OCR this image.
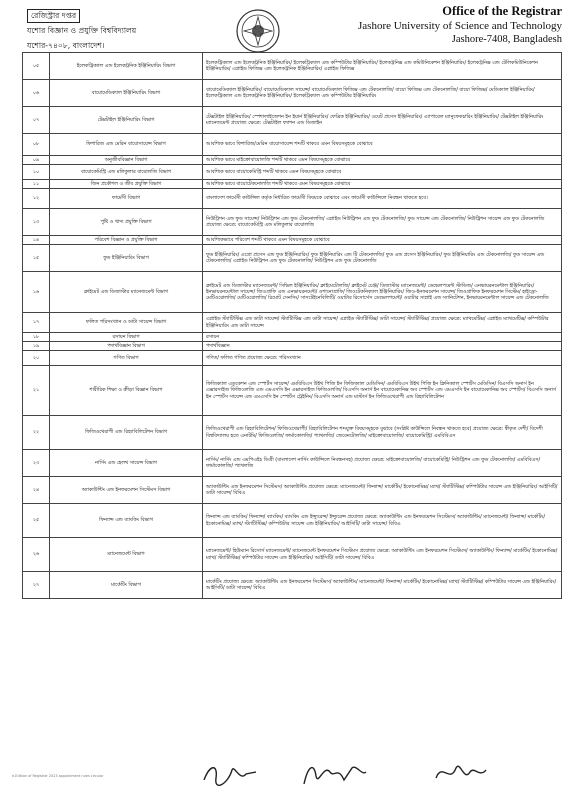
রেজিস্ট্রার দপ্তর
যশোর বিজ্ঞান ও প্রযুক্তি বিশ্ববিদ্যালয়
যশোর-৭৪০৮, বাংলাদেশ।
Office of the Registrar
Jashore University of Science and Technology
Jashore-7408, Bangladesh
০৫	ইলেকট্রিক্যাল এন্ড ইলেকট্রনিক ইঞ্জিনিয়ারিং বিভাগ	ইলেকট্রিক্যাল এন্ড ইলেকট্রনিক ইঞ্জিনিয়ারিং/ ইলেকট্রিক্যাল এন্ড কম্পিউটার ইঞ্জিনিয়ারিং/ ইলেকট্রনিক্স এন্ড কমিউনিকেশন ইঞ্জিনিয়ারিং/ ইলেকট্রনিক্স এন্ড টেলিকমিউনিকেশন ইঞ্জিনিয়ারিং/ এপ্লাইড ফিজিক্স এন্ড ইলেকট্রনিক ইঞ্জিনিয়ারিং/ এপ্লাইড ফিজিক্স
০৬	বায়োমেডিক্যাল ইঞ্জিনিয়ারিং বিভাগ	বায়োমেডিক্যাল ইঞ্জিনিয়ারিং/ বায়োমেডিক্যাল সায়েন্স/ বায়োমেডিক্যাল ফিজিক্স এন্ড টেকনোলজি/ বায়ো ফিজিক্স এন্ড টেকনোলজি/ বায়ো ফিজিক্স/ মেডিক্যাল ইঞ্জিনিয়ারিং/ ইলেকট্রিক্যাল এন্ড ইলেকট্রনিক ইঞ্জিনিয়ারিং/ ইলেকট্রিক্যাল এন্ড কম্পিউটার ইঞ্জিনিয়ারিং
০৭	টেক্সটাইল ইঞ্জিনিয়ারিং বিভাগ	টেক্সটাইল ইঞ্জিনিয়ারিং/ স্পেশালাইজেশন ইন ইয়ার্ন ইঞ্জিনিয়ারিং/ ফেব্রিক ইঞ্জিনিয়ারিং/ ওয়েট প্রসেস ইঞ্জিনিয়ারিং/ এ্যাপারেল ম্যানুফেকচারিং ইঞ্জিনিয়ারিং/ টেক্সটাইল ইঞ্জিনিয়ারিং ম্যানেজমেন্ট প্রযোজ্য ক্ষেত্রে: টেক্সটাইল ফ্যাশন এন্ড ডিজাইন
০৮	ফিশারিজ এন্ড মেরিন বায়োসায়েন্স বিভাগ	আবশ্যিক ভাবে ফিশারিজ/মেরিন বায়োসায়েন্স শব্দটি থাকবে এমন বিষয়সমূহকে বোঝাবে
০৯	অনুজীববিজ্ঞান বিভাগ	আবশ্যিক ভাবে মাইক্রোবায়োলজি শব্দটি থাকবে এমন বিষয়সমূহকে বোঝাবে
১০	বায়োকেমিস্ট্রি এন্ড মলিকুলার বায়োলজি বিভাগ	আবশ্যিক ভাবে বায়োকেমিস্ট্রি শব্দটি থাকবে এমন বিষয়সমূহকে বোঝাবে
১১	জিন প্রকৌশল ও জীব প্রযুক্তি বিভাগ	আবশ্যিক ভাবে বায়োটেকনোলজি শব্দটি থাকবে এমন বিষয়সমূহকে বোঝাবে
১২	ফার্মেসী বিভাগ	বাংলাদেশ ফার্মেসী কাউন্সিল কর্তৃক নির্ধারিত ফার্মেসী বিষয়কে বোঝাবে এবং ফার্মেসী কাউন্সিলে নিবন্ধন থাকতে হবে।
১৩	পুষ্টি ও খাদ্য প্রযুক্তি বিভাগ	নিউট্রিশন এন্ড ফুড সায়েন্স/ নিউট্রিশন এন্ড ফুড টেকনোলজি/ এপ্লাইড নিউট্রিশন এন্ড ফুড টেকনোলজি/ ফুড সায়েন্স এন্ড টেকনোলজি/ নিউট্রিশন সায়েন্স এন্ড ফুড টেকনোলজি প্রযোজ্য ক্ষেত্রে: বায়োকেমিস্ট্রি এন্ড মলিকুলার বায়োলজি
১৪	পরিবেশ বিজ্ঞান ও প্রযুক্তি বিভাগ	আবশ্যিকভাবে পরিবেশ শব্দটি থাকবে এমন বিষয়সমূহকে বোঝাবে
১৫	ফুড ইঞ্জিনিয়ারিং বিভাগ	ফুড ইঞ্জিনিয়ারিং/ এগ্রো প্রসেস এন্ড ফুড ইঞ্জিনিয়ারিং/ ফুড ইঞ্জিনিয়ারিং এন্ড টি টেকনোলজি/ ফুড এন্ড প্রসেস ইঞ্জিনিয়ারিং/ ফুড ইঞ্জিনিয়ারিং এন্ড টেকনোলজি/ ফুড সায়েন্স এন্ড টেকনোলজি/ এপ্লাইড নিউট্রিশন এন্ড ফুড টেকনোলজি/ নিউট্রিশন এন্ড ফুড টেকনোলজি
১৬	ক্লাইমেট এন্ড ডিজাস্টার ম্যানেজমেন্ট বিভাগ	ক্লাইমেট এন্ড ডিজাস্টার ম্যানেজমেন্ট/ সিভিল ইঞ্জিনিয়ারিং/ ক্লাইমেটোলজি/ ক্লাইমেট চেঞ্জ/ ডিজাস্টার ম্যানেজমেন্ট/ ডেভেলপমেন্ট স্টাডিজ/ এনভায়রনমেন্টাল ইঞ্জিনিয়ারিং/ ইনভায়রনমেন্টাল সায়েন্স/ জিওগ্রাফি এন্ড এনভায়রনমেন্ট/ ওশানোগ্রাফি/ জিওটেকনিক্যাল ইঞ্জিনিয়ারিং/ জিও-ইনফরমেশন সায়েন্স/ জিওগ্রাফিক ইনফরমেশন সিস্টেম/ হাইড্রো-মেটিওরোলজি/ মেটিওরোলজি/ রিমোট সেনসিং/ সাসটেইনেবিলিটি/ ওয়াটার রিসোর্সেস ডেভেলপমেন্ট/ ওয়াটার সাপ্লাই এন্ড স্যানিটেশন, ইনভায়রনমেন্টাল সায়েন্স এন্ড টেকনোলজি
১৭	ফলিত পরিসংখ্যান ও ডাটা সায়েন্স বিভাগ	এপ্লাইড স্ট্যাটিস্টিক্স এন্ড ডাটা সায়েন্স/ স্ট্যাটিস্টিক্স এন্ড ডাটা সায়েন্স/ এপ্লাইড স্ট্যাটিস্টিক্স/ ডাটা সায়েন্স/ স্ট্যাটিস্টিক্স/ প্রযোজ্য ক্ষেত্রে: ম্যাথমেটিক্স/ এপ্লাইড ম্যাথমেটিক্স/ কম্পিউটার ইঞ্জিনিয়ারিং এন্ড ডাটা সায়েন্স
১৮	রসায়ন বিভাগ	রসায়ন
১৯	পদার্থবিজ্ঞান বিভাগ	পদার্থবিজ্ঞান
২০	গণিত বিভাগ	গণিত/ ফলিত গণিত প্রযোজ্য ক্ষেত্রে: পরিসংখ্যান
২১	শারীরিক শিক্ষা ও ক্রীড়া বিজ্ঞান বিভাগ	ফিজিক্যাল এডুকেশন এন্ড স্পোর্টস সায়েন্স/ এমবিবিএস উইথ পিজি ইন ফিজিক্যাল মেডিসিন/ এমবিবিএস উইথ পিজি ইন ক্লিনিক্যাল স্পোর্টস মেডিসিন/ বিএসসি অনার্স ইন এক্সারসাইজ ফিজিওলজি এন্ড এমএসসি ইন এক্সারসাইজ ফিজিওলজি/ বিএসসি অনার্স ইন বায়োমেকানিক্স অব স্পোর্টস এন্ড এমএসসি ইন বায়োমেকানিক্স অব স্পোর্টস/ বিএসসি অনার্স ইন স্পোর্টস সায়েন্স এন্ড এমএসসি ইন স্পোর্টস ট্রেইনিং/ বিএসসি অনার্স এন্ড মাস্টার্স ইন ফিজিওথেরাপী এন্ড রিহ্যাবিলিটেশন
২২	ফিজিওথেরাপী এন্ড রিহ্যাবিলিটেশন বিভাগ	ফিজিওথেরাপী এন্ড রিহ্যাবিলিটেশন/ ফিজিওথেরাপী/ রিহ্যাবিলিটেশন শব্দযুক্ত বিষয়সমূহকে বুঝাবে (সংশ্লিষ্ট কাউন্সিলে নিবন্ধন থাকতে হবে) প্রযোজ্য ক্ষেত্রে: স্বীকৃত দেশী/ বিদেশী বিশ্ববিদ্যালয় হতে এনাটমি/ ফিজিওলজি/ ফার্মাকোলজি/ প্যাথলজি/ জেরেনটোলজি/ মাইক্রোবায়োলজি/ বায়োকেমিস্ট্রি/ এমবিবিএস
২৩	নার্সিং এন্ড হেলথ সায়েন্স বিভাগ	নার্সিং/ নার্সিং এন্ড এমপিএইচ ডিগ্রী (বাংলাদেশ নার্সিং কাউন্সিলে নিবন্ধনসহ) প্রযোজ্য ক্ষেত্রে: মাইক্রোবায়োলজি/ বায়োকেমিস্ট্রি/ নিউট্রিশন এন্ড ফুড টেকনোলজি/ এমবিবিএস/ ফার্মাকোলজি/ প্যাথলজি
২৪	অ্যাকাউন্টিং এন্ড ইনফরমেশন সিস্টেমস বিভাগ	অ্যাকাউন্টিং এন্ড ইনফরমেশন সিস্টেমস/ অ্যাকাউন্টিং প্রযোজ্য ক্ষেত্রে: ম্যানেজমেন্ট/ ফিন্যান্স/ মার্কেটিং/ ইকোনোমিক্স/ ম্যাথ/ স্ট্যাটিস্টিক্স/ কম্পিউটার সায়েন্স এন্ড ইঞ্জিনিয়ারিং/ আইসিটি/ ডাটা সায়েন্স/ বিবিএ
২৫	ফিন্যান্স এন্ড ব্যাংকিং বিভাগ	ফিন্যান্স এন্ড ব্যাংকিং/ ফিন্যান্স/ ব্যাংকিং/ ব্যাংকিং এন্ড ইন্স্যুরেন্স/ ইন্স্যুরেন্স প্রযোজ্য ক্ষেত্রে: অ্যাকাউন্টিং এন্ড ইনফরমেশন সিস্টেমস/ অ্যাকাউন্টিং/ ম্যানেজমেন্ট/ ফিন্যান্স/ মার্কেটিং/ ইকোনোমিক্স/ ম্যাথ/ স্ট্যাটিস্টিক্স/ কম্পিউটার সায়েন্স এন্ড ইঞ্জিনিয়ারিং/ আইসিটি/ ডাটা সায়েন্স/ বিবিএ
২৬	ম্যানেজমেন্ট বিভাগ	ম্যানেজমেন্ট/ হিউম্যান রিসোর্স ম্যানেজমেন্ট/ ম্যানেজমেন্ট ইনফরমেশন সিস্টেমস প্রযোজ্য ক্ষেত্রে: অ্যাকাউন্টিং এন্ড ইনফরমেশন সিস্টেমস/ অ্যাকাউন্টিং/ ফিন্যান্স/ মার্কেটিং/ ইকোনোমিক্স/ ম্যাথ/ স্ট্যাটিস্টিক্স/ কম্পিউটার সায়েন্স এন্ড ইঞ্জিনিয়ারিং/ আইসিটি/ ডাটা সায়েন্স/ বিবিএ
২৭	মার্কেটিং বিভাগ	মার্কেটিং প্রযোজ্য ক্ষেত্রে: অ্যাকাউন্টিং এন্ড ইনফরমেশন সিস্টেমস/ অ্যাকাউন্টিং/ ম্যানেজমেন্ট/ ফিন্যান্স/ মার্কেটিং/ ইকোনোমিক্স/ ম্যাথ/ স্ট্যাটিস্টিক্স/ কম্পিউটার সায়েন্স এন্ড ইঞ্জিনিয়ারিং/ আইসিটি/ ডাটা সায়েন্স/ বিবিএ
e-Edition of Registrar 2023 appointment rules circular
